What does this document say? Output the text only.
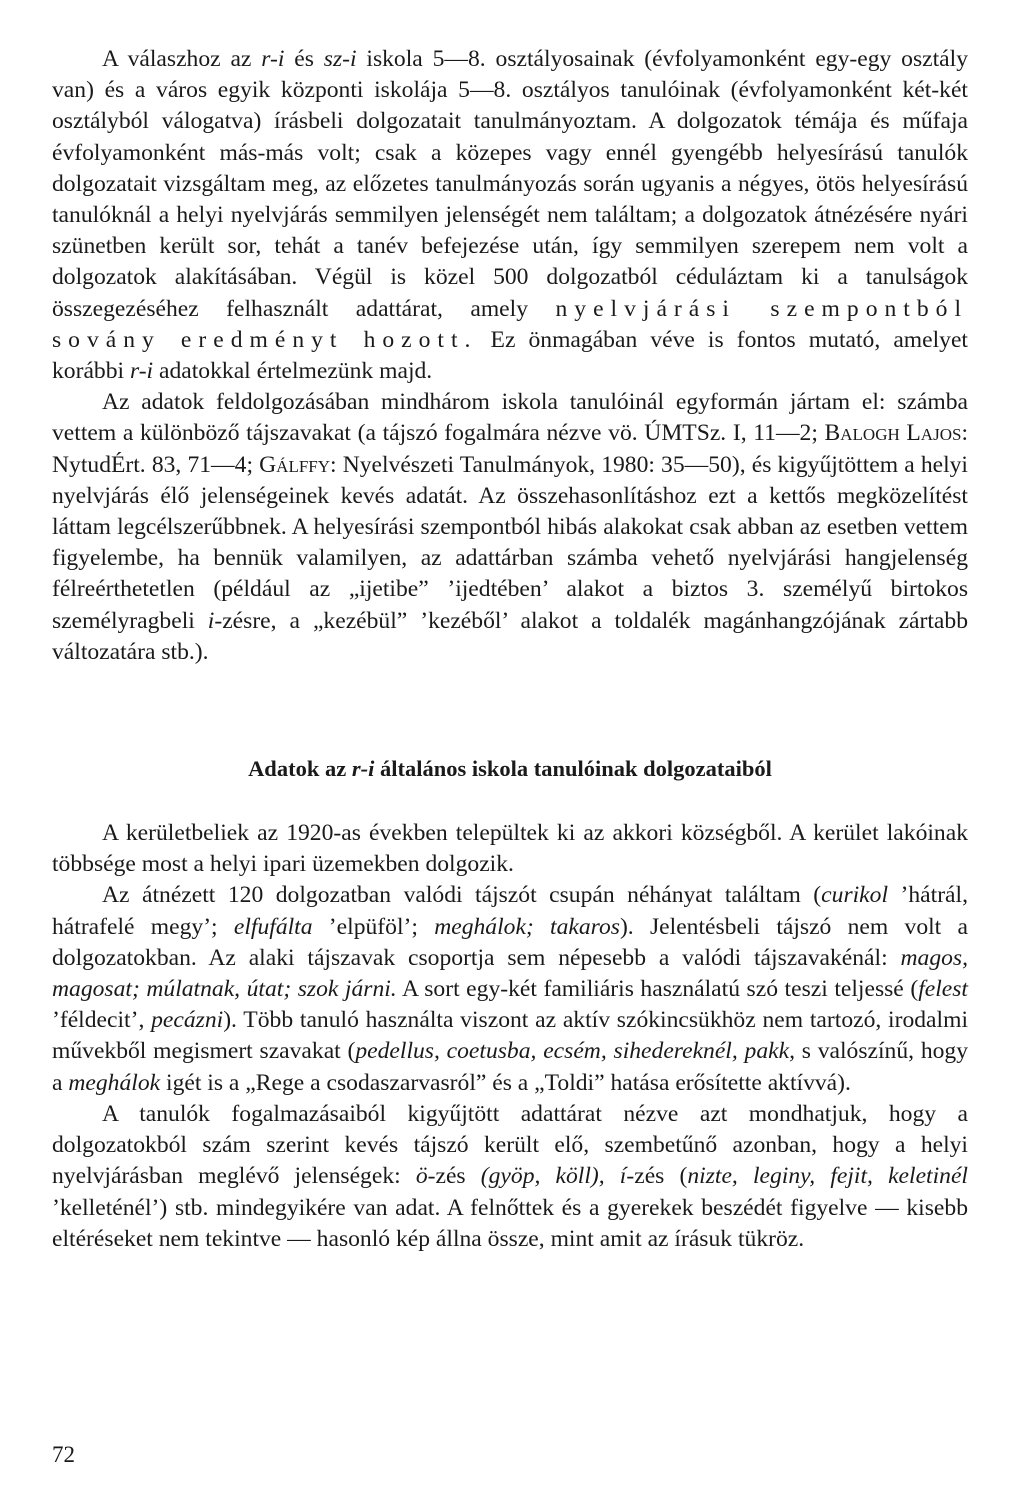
A válaszhoz az r-i és sz-i iskola 5—8. osztályosainak (évfolyamonként egy-egy osztály van) és a város egyik központi iskolája 5—8. osztályos tanulóinak (évfolyamonként két-két osztályból válogatva) írásbeli dolgozatait tanulmányoztam. A dolgozatok témája és műfaja évfolyamonként más-más volt; csak a közepes vagy ennél gyengébb helyesírású tanulók dolgozatait vizsgáltam meg, az előzetes tanulmányozás során ugyanis a négyes, ötös helyesírású tanulóknál a helyi nyelvjárás semmilyen jelenségét nem találtam; a dolgozatok átnézésére nyári szünetben került sor, tehát a tanév befejezése után, így semmilyen szerepem nem volt a dolgozatok alakításában. Végül is közel 500 dolgozatból céduláztam ki a tanulságok összegezéséhez felhasznált adattárat, amely nyelvjárási szempontból sovány eredményt hozott. Ez önmagában véve is fontos mutató, amelyet korábbi r-i adatokkal értelmezünk majd.

Az adatok feldolgozásában mindhárom iskola tanulóinál egyformán jártam el: számba vettem a különböző tájszavakat (a tájszó fogalmára nézve vö. ÚMTSz. I, 11—2; Balogh Lajos: NytudÉrt. 83, 71—4; Gálffy: Nyelvészeti Tanulmányok, 1980: 35—50), és kigyűjtöttem a helyi nyelvjárás élő jelenségeinek kevés adatát. Az összehasonlításhoz ezt a kettős megközelítést láttam legcélszerűbbnek. A helyesírási szempontból hibás alakokat csak abban az esetben vettem figyelembe, ha bennük valamilyen, az adattárban számba vehető nyelvjárási hangjelenség félreérthetetlen (például az „ijetibe” ’ijedtében’ alakot a biztos 3. személyű birtokos személyragbeli i-zésre, a „kezébül” ’kezéből’ alakot a toldalék magánhangzójának zártabb változatára stb.).

Adatok az r-i általános iskola tanulóinak dolgozataiból

A kerületbeliek az 1920-as években települtek ki az akkori községből. A kerület lakóinak többsége most a helyi ipari üzemekben dolgozik.

Az átnézett 120 dolgozatban valódi tájszót csupán néhányat találtam (curikol ’hátrál, hátrafelé megy’; elfufálta ’elpüföl’; meghálok; takaros). Jelentésbeli tájszó nem volt a dolgozatokban. Az alaki tájszavak csoportja sem népesebb a valódi tájszavakénál: magos, magosat; múlatnak, útat; szok járni. A sort egy-két familiáris használatú szó teszi teljessé (felest ’féldecit’, pecázni). Több tanuló használta viszont az aktív szókincsükhöz nem tartozó, irodalmi művekből megismert szavakat (pedellus, coetusba, ecsém, sihedereknél, pakk, s valószínű, hogy a meghálok igét is a „Rege a csodaszarvasról” és a „Toldi” hatása erősítette aktívvá).

A tanulók fogalmazásaiból kigyűjtött adattárat nézve azt mondhatjuk, hogy a dolgozatokból szám szerint kevés tájszó került elő, szembetűnő azonban, hogy a helyi nyelvjárásban meglévő jelenségek: ö-zés (gyöp, köll), í-zés (nizte, leginy, fejit, keletinél ’kelleténél’) stb. mindegyikére van adat. A felnőttek és a gyerekek beszédét figyelve — kisebb eltéréseket nem tekintve — hasonló kép állna össze, mint amit az írásuk tükröz.

72
